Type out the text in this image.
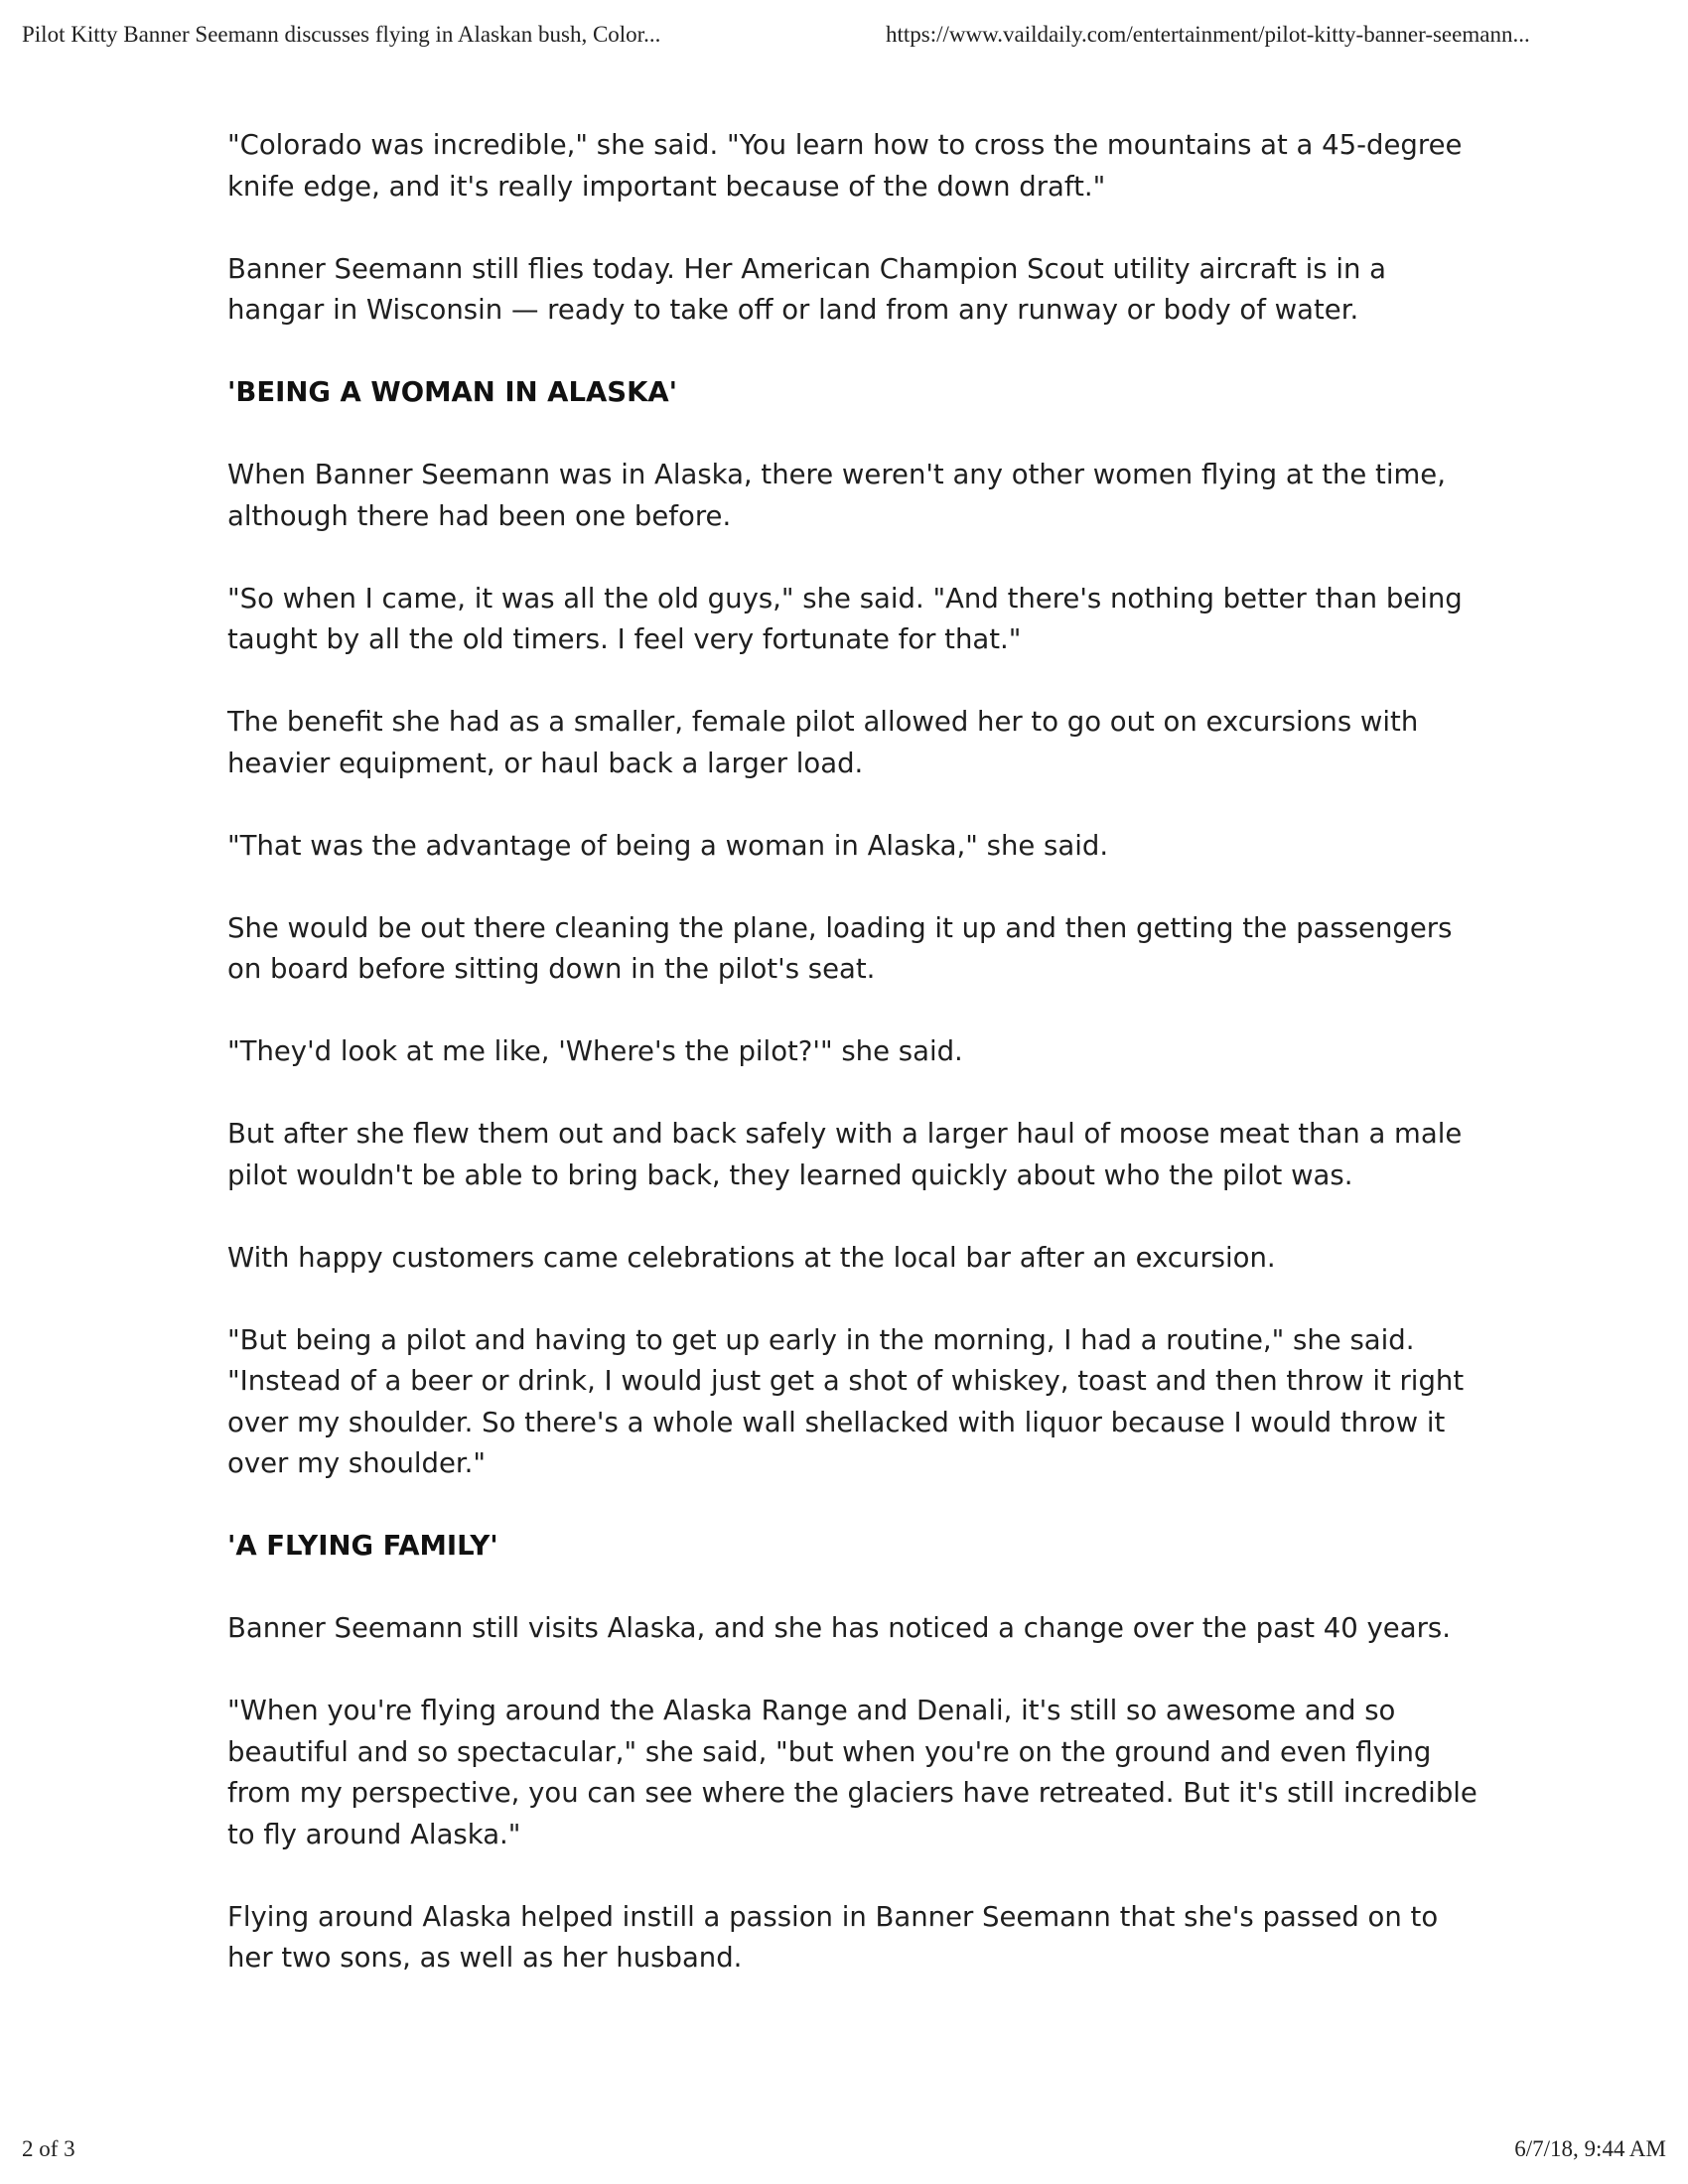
Pilot Kitty Banner Seemann discusses flying in Alaskan bush, Color...	https://www.vaildaily.com/entertainment/pilot-kitty-banner-seemann...

"Colorado was incredible," she said. "You learn how to cross the mountains at a 45-degree knife edge, and it's really important because of the down draft."

Banner Seemann still flies today. Her American Champion Scout utility aircraft is in a hangar in Wisconsin — ready to take off or land from any runway or body of water.

'BEING A WOMAN IN ALASKA'

When Banner Seemann was in Alaska, there weren't any other women flying at the time, although there had been one before.

"So when I came, it was all the old guys," she said. "And there's nothing better than being taught by all the old timers. I feel very fortunate for that."

The benefit she had as a smaller, female pilot allowed her to go out on excursions with heavier equipment, or haul back a larger load.

"That was the advantage of being a woman in Alaska," she said.

She would be out there cleaning the plane, loading it up and then getting the passengers on board before sitting down in the pilot's seat.

"They'd look at me like, 'Where's the pilot?'" she said.

But after she flew them out and back safely with a larger haul of moose meat than a male pilot wouldn't be able to bring back, they learned quickly about who the pilot was.

With happy customers came celebrations at the local bar after an excursion.

"But being a pilot and having to get up early in the morning, I had a routine," she said. "Instead of a beer or drink, I would just get a shot of whiskey, toast and then throw it right over my shoulder. So there's a whole wall shellacked with liquor because I would throw it over my shoulder."

'A FLYING FAMILY'

Banner Seemann still visits Alaska, and she has noticed a change over the past 40 years.

"When you're flying around the Alaska Range and Denali, it's still so awesome and so beautiful and so spectacular," she said, "but when you're on the ground and even flying from my perspective, you can see where the glaciers have retreated. But it's still incredible to fly around Alaska."

Flying around Alaska helped instill a passion in Banner Seemann that she's passed on to her two sons, as well as her husband.

2 of 3	6/7/18, 9:44 AM
